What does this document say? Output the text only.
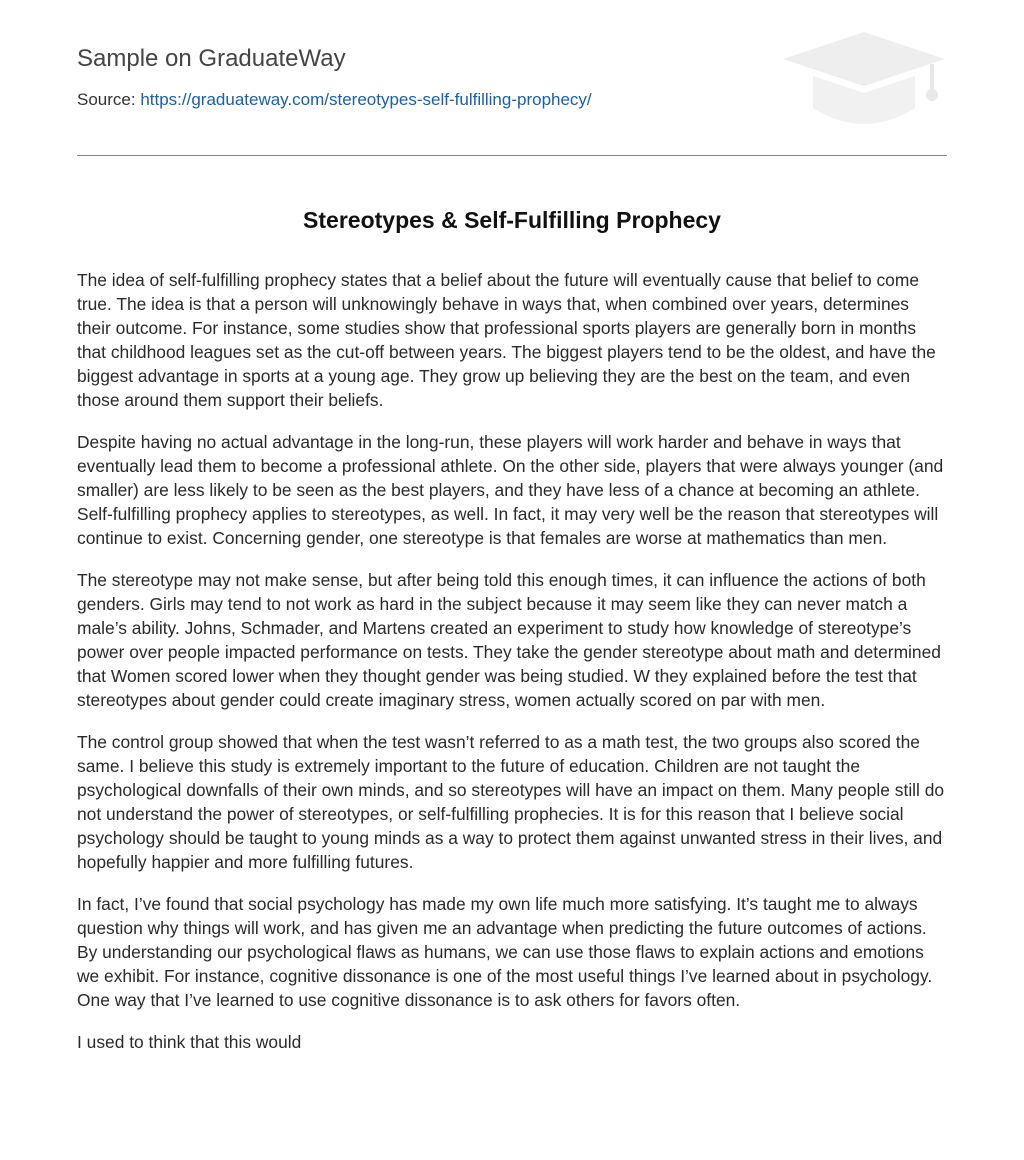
Sample on GraduateWay
Source: https://graduateway.com/stereotypes-self-fulfilling-prophecy/
Stereotypes & Self-Fulfilling Prophecy

The idea of self-fulfilling prophecy states that a belief about the future will eventually cause that belief to come true. The idea is that a person will unknowingly behave in ways that, when combined over years, determines their outcome. For instance, some studies show that professional sports players are generally born in months that childhood leagues set as the cut-off between years. The biggest players tend to be the oldest, and have the biggest advantage in sports at a young age. They grow up believing they are the best on the team, and even those around them support their beliefs.

Despite having no actual advantage in the long-run, these players will work harder and behave in ways that eventually lead them to become a professional athlete. On the other side, players that were always younger (and smaller) are less likely to be seen as the best players, and they have less of a chance at becoming an athlete. Self-fulfilling prophecy applies to stereotypes, as well. In fact, it may very well be the reason that stereotypes will continue to exist. Concerning gender, one stereotype is that females are worse at mathematics than men.

The stereotype may not make sense, but after being told this enough times, it can influence the actions of both genders. Girls may tend to not work as hard in the subject because it may seem like they can never match a male’s ability. Johns, Schmader, and Martens created an experiment to study how knowledge of stereotype’s power over people impacted performance on tests. They take the gender stereotype about math and determined that Women scored lower when they thought gender was being studied. W they explained before the test that stereotypes about gender could create imaginary stress, women actually scored on par with men.

The control group showed that when the test wasn’t referred to as a math test, the two groups also scored the same. I believe this study is extremely important to the future of education. Children are not taught the psychological downfalls of their own minds, and so stereotypes will have an impact on them. Many people still do not understand the power of stereotypes, or self-fulfilling prophecies. It is for this reason that I believe social psychology should be taught to young minds as a way to protect them against unwanted stress in their lives, and hopefully happier and more fulfilling futures.

In fact, I’ve found that social psychology has made my own life much more satisfying. It’s taught me to always question why things will work, and has given me an advantage when predicting the future outcomes of actions. By understanding our psychological flaws as humans, we can use those flaws to explain actions and emotions we exhibit. For instance, cognitive dissonance is one of the most useful things I’ve learned about in psychology. One way that I’ve learned to use cognitive dissonance is to ask others for favors often.

I used to think that this would
